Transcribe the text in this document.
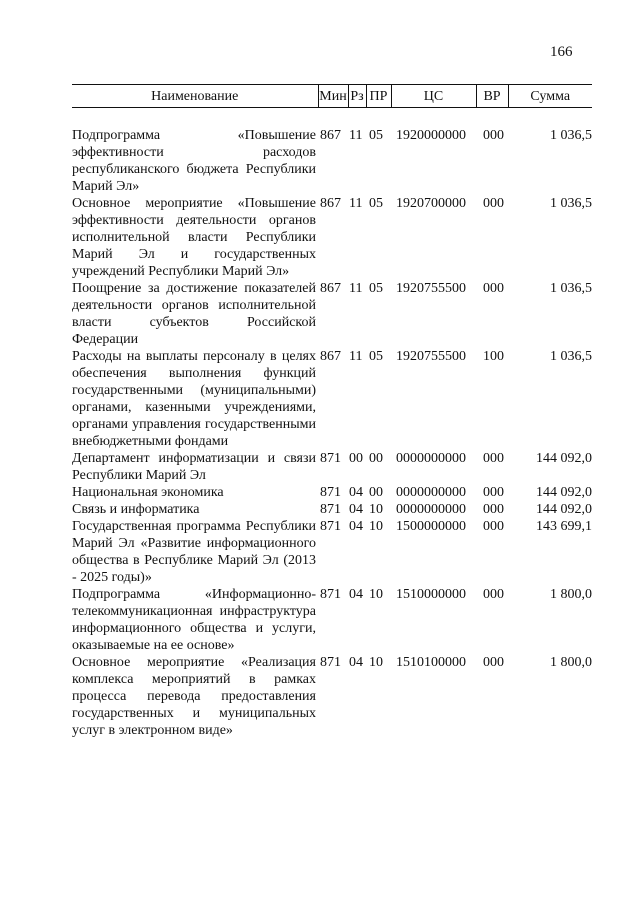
166
Наименование	Мин	Рз	ПР	ЦС	ВР	Сумма

Подпрограмма «Повышение эффективности расходов республиканского бюджета Республики Марий Эл»	867	11	05	1920000000	000	1 036,5
Основное мероприятие «Повышение эффективности деятельности органов исполнительной власти Республики Марий Эл и государственных учреждений Республики Марий Эл»	867	11	05	1920700000	000	1 036,5
Поощрение за достижение показателей деятельности органов исполнительной власти субъектов Российской Федерации	867	11	05	1920755500	000	1 036,5
Расходы на выплаты персоналу в целях обеспечения выполнения функций государственными (муниципальными) органами, казенными учреждениями, органами управления государственными внебюджетными фондами	867	11	05	1920755500	100	1 036,5
Департамент информатизации и связи Республики Марий Эл	871	00	00	0000000000	000	144 092,0
Национальная экономика	871	04	00	0000000000	000	144 092,0
Связь и информатика	871	04	10	0000000000	000	144 092,0
Государственная программа Республики Марий Эл «Развитие информационного общества в Республике Марий Эл (2013 - 2025 годы)»	871	04	10	1500000000	000	143 699,1
Подпрограмма «Информационно-телекоммуникационная инфраструктура информационного общества и услуги, оказываемые на ее основе»	871	04	10	1510000000	000	1 800,0
Основное мероприятие «Реализация комплекса мероприятий в рамках процесса перевода предоставления государственных и муниципальных услуг в электронном виде»	871	04	10	1510100000	000	1 800,0
